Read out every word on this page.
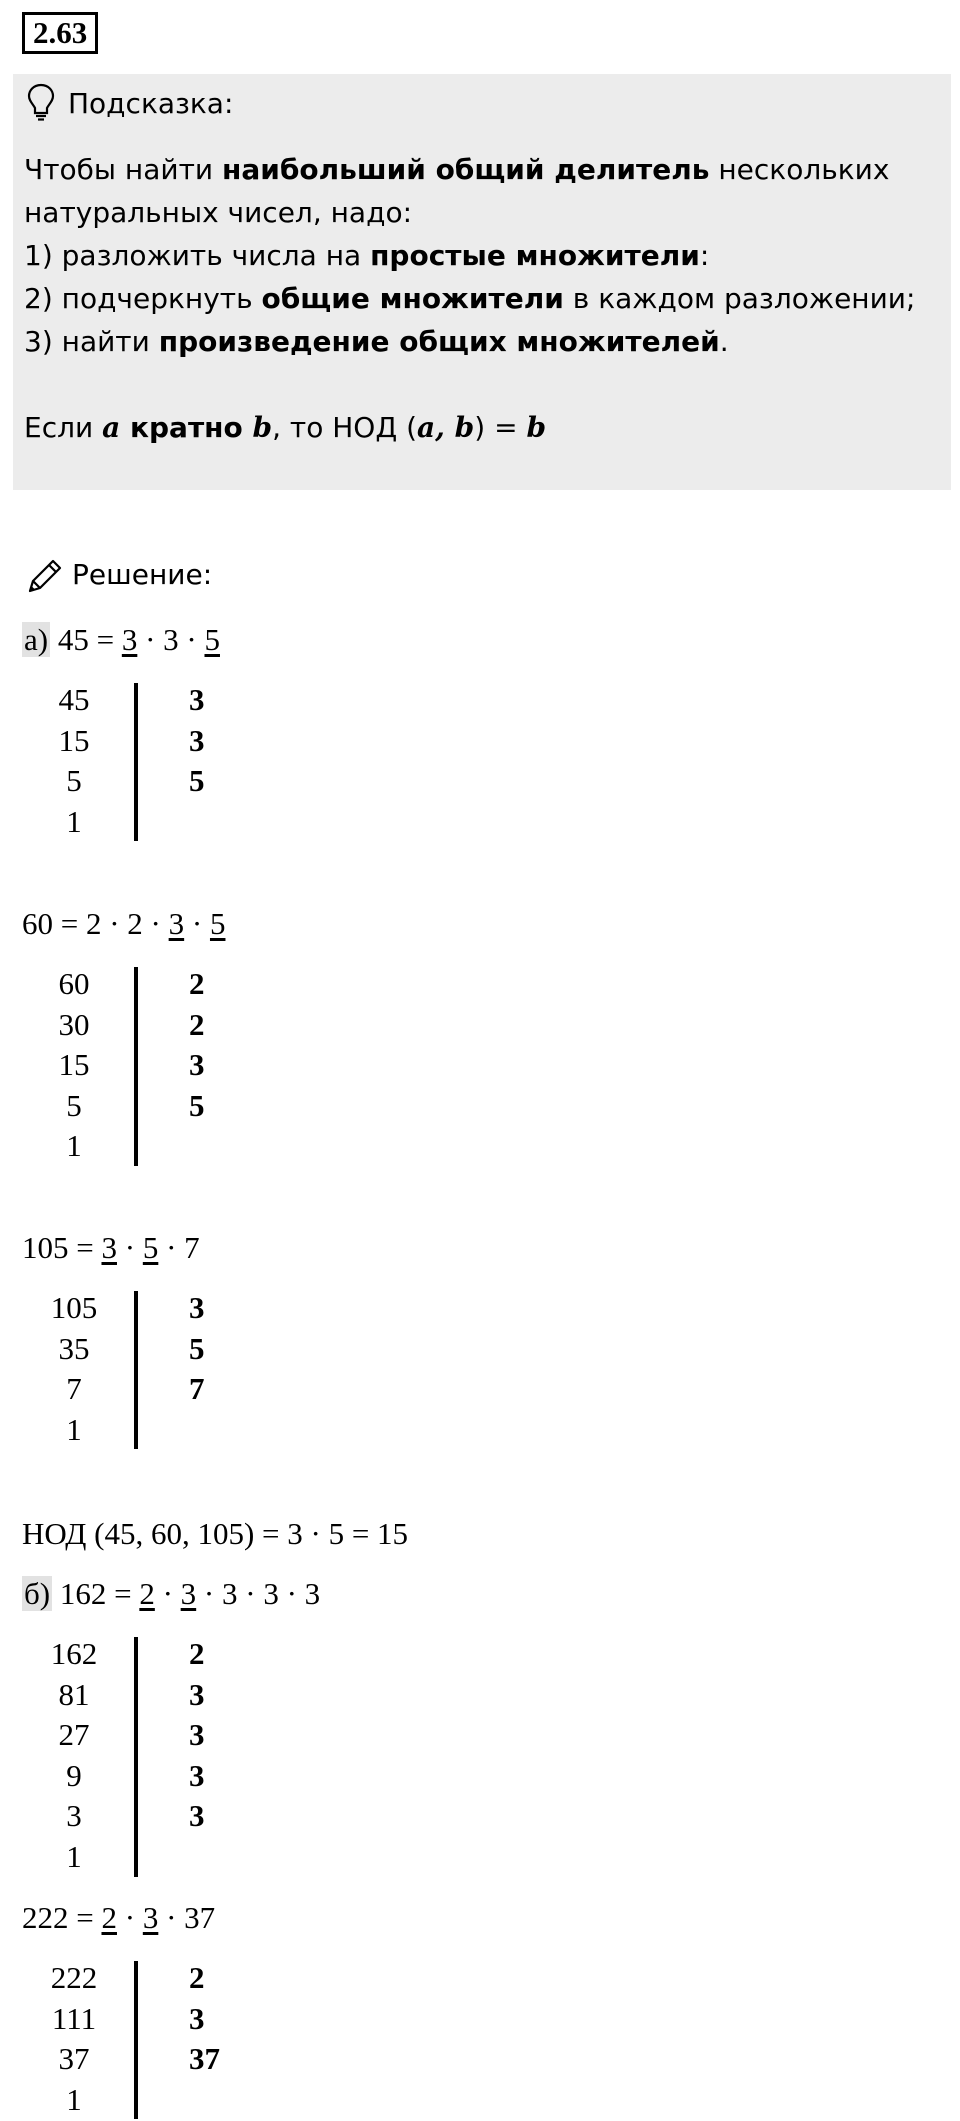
2.63
Подсказка:
Чтобы найти наибольший общий делитель нескольких
натуральных чисел, надо:
1) разложить числа на простые множители:
2) подчеркнуть общие множители в каждом разложении;
3) найти произведение общих множителей.
Если a кратно b, то НОД (a, b) = b
Решение:
а) 45 = 3 · 3 · 5
45	3
15	3
5	5
1
60 = 2 · 2 · 3 · 5
60	2
30	2
15	3
5	5
1
105 = 3 · 5 · 7
105	3
35	5
7	7
1
НОД (45, 60, 105) = 3 · 5 = 15
б) 162 = 2 · 3 · 3 · 3 · 3
162	2
81	3
27	3
9	3
3	3
1
222 = 2 · 3 · 37
222	2
111	3
37	37
1
